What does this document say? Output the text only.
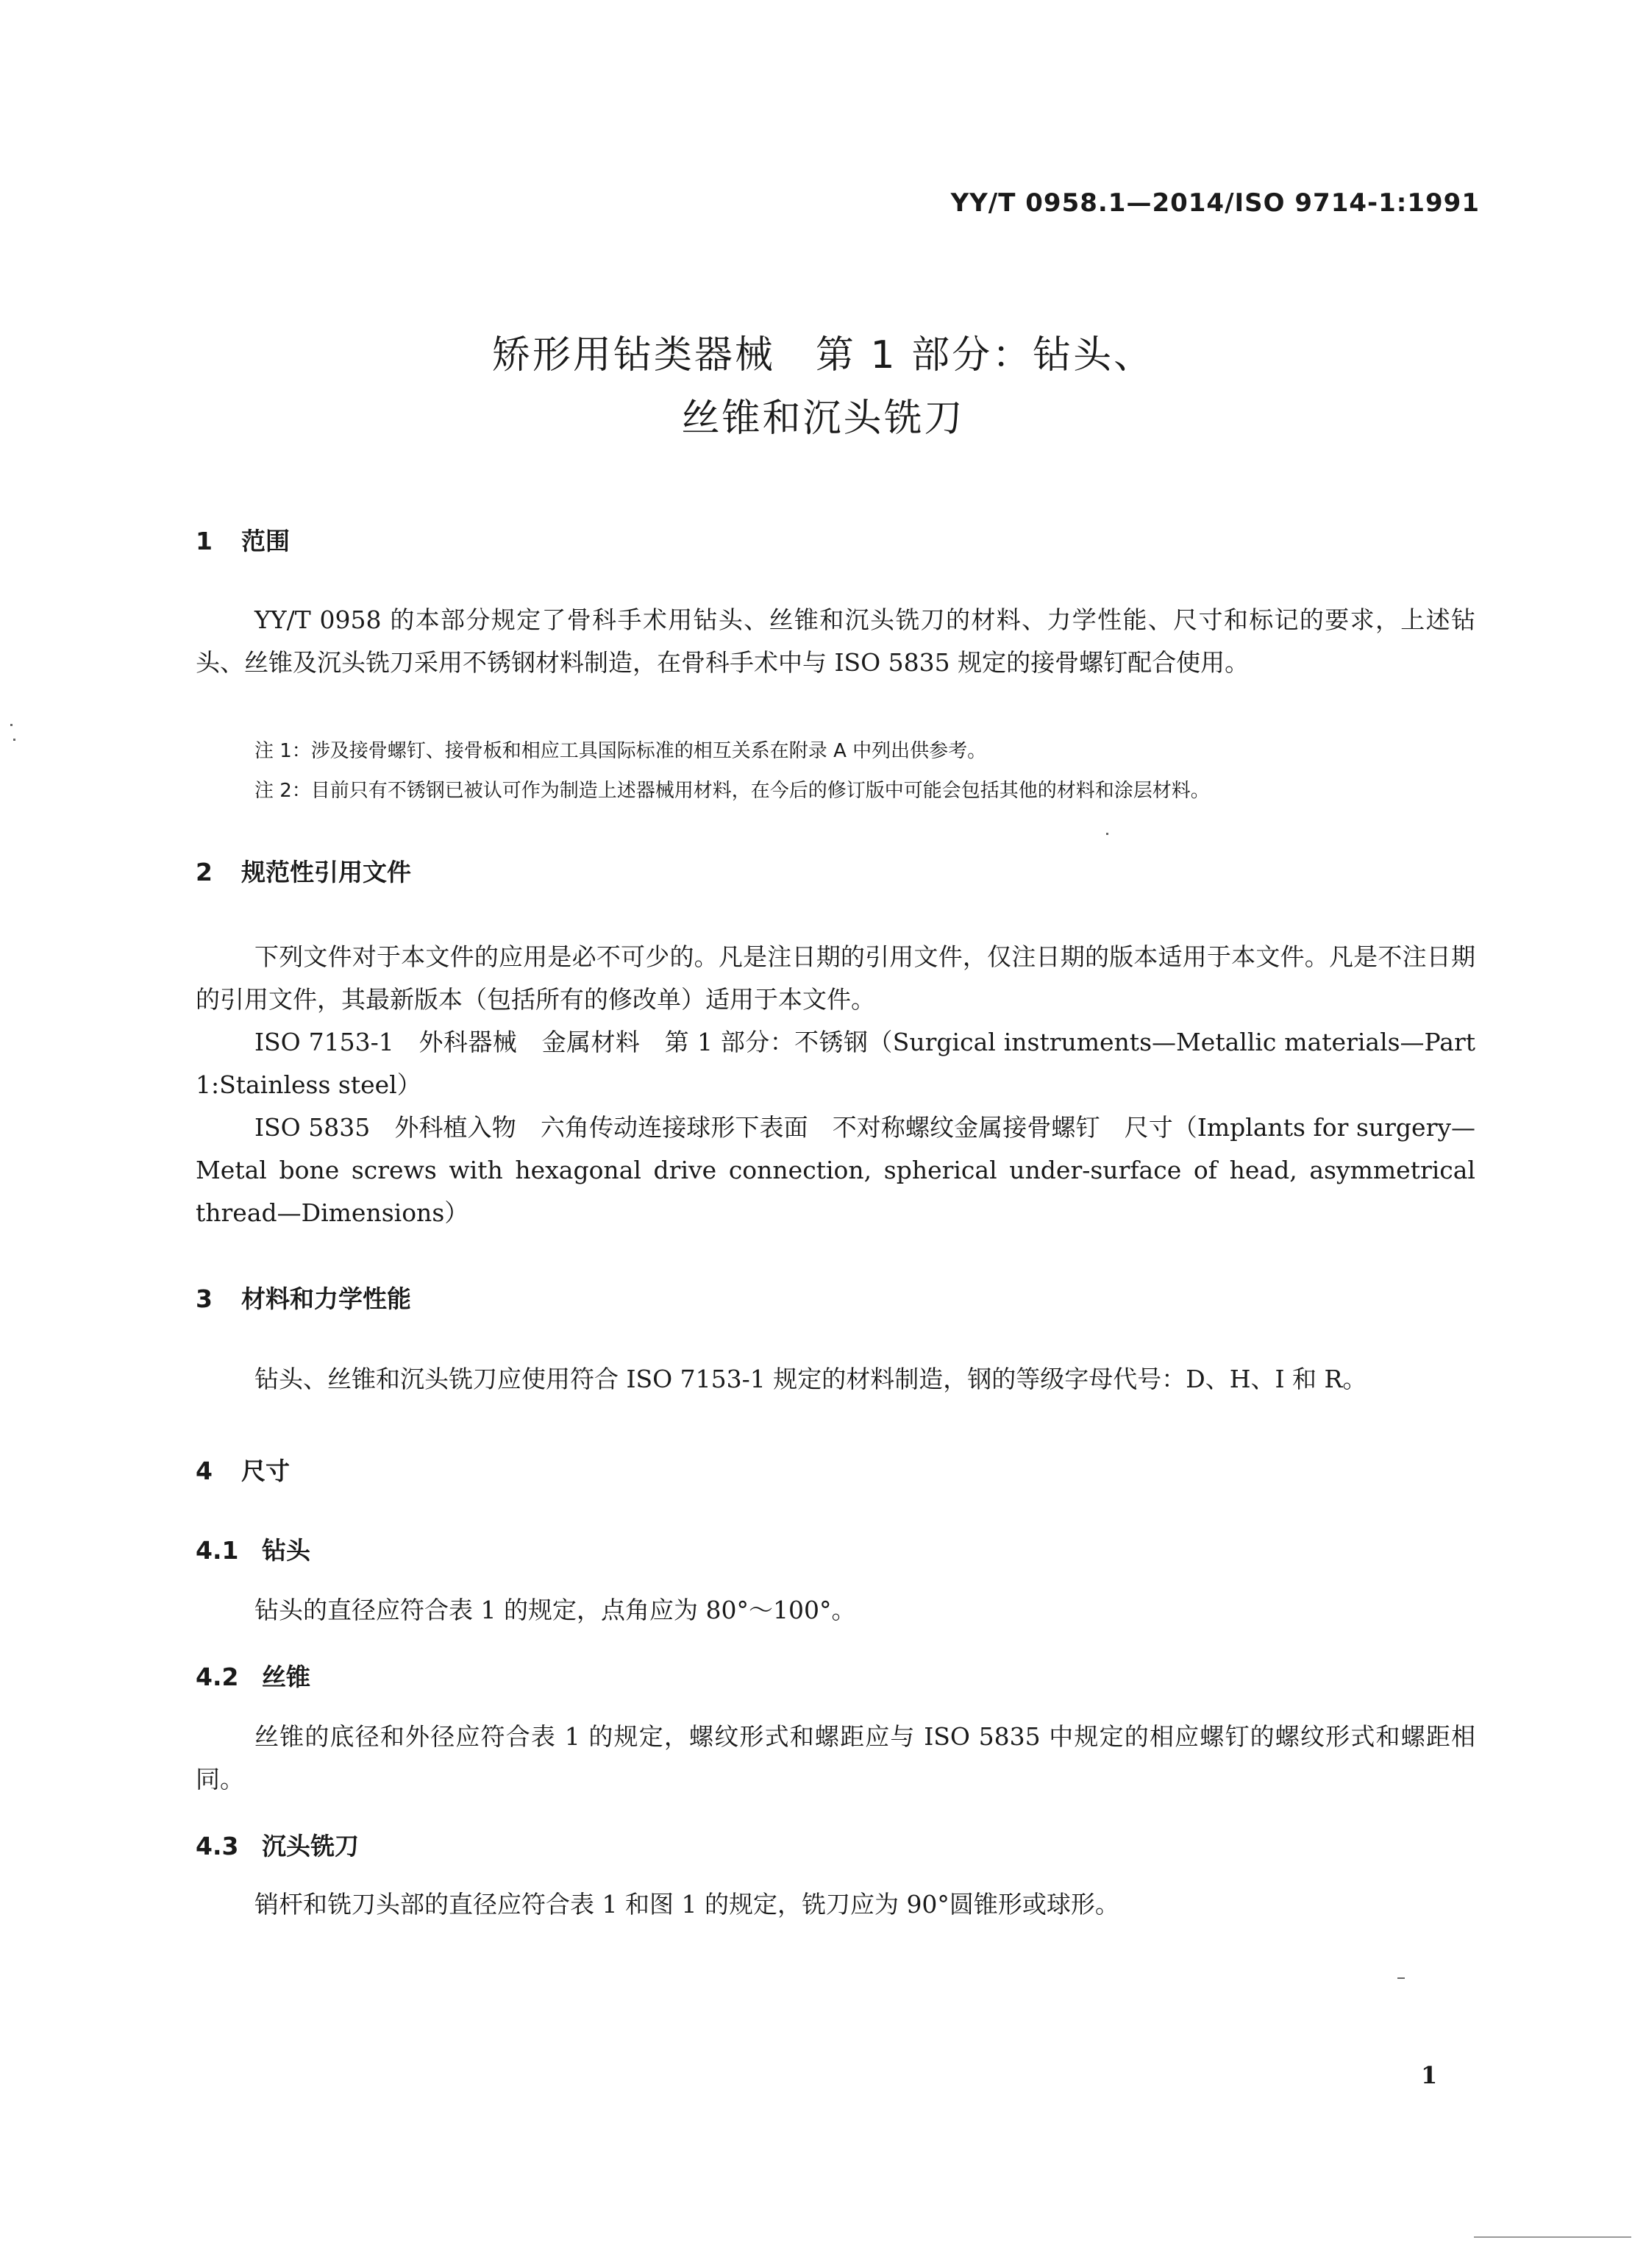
YY/T 0958.1—2014/ISO 9714-1:1991
矫形用钻类器械　第 1 部分：钻头、
丝锥和沉头铣刀
1 范围

YY/T 0958 的本部分规定了骨科手术用钻头、丝锥和沉头铣刀的材料、力学性能、尺寸和标记的要求，上述钻头、丝锥及沉头铣刀采用不锈钢材料制造，在骨科手术中与 ISO 5835 规定的接骨螺钉配合使用。

注 1：涉及接骨螺钉、接骨板和相应工具国际标准的相互关系在附录 A 中列出供参考。
注 2：目前只有不锈钢已被认可作为制造上述器械用材料，在今后的修订版中可能会包括其他的材料和涂层材料。
2 规范性引用文件

下列文件对于本文件的应用是必不可少的。凡是注日期的引用文件，仅注日期的版本适用于本文件。凡是不注日期的引用文件，其最新版本（包括所有的修改单）适用于本文件。

ISO 7153-1　外科器械　金属材料　第 1 部分：不锈钢（Surgical instruments—Metallic materials—Part 1:Stainless steel）

ISO 5835　外科植入物　六角传动连接球形下表面　不对称螺纹金属接骨螺钉　尺寸（Implants for surgery—Metal bone screws with hexagonal drive connection, spherical under-surface of head, asymmetrical thread—Dimensions）

3 材料和力学性能

钻头、丝锥和沉头铣刀应使用符合 ISO 7153-1 规定的材料制造，钢的等级字母代号：D、H、I 和 R。

4 尺寸
4.1 钻头

钻头的直径应符合表 1 的规定，点角应为 80°～100°。

4.2 丝锥

丝锥的底径和外径应符合表 1 的规定，螺纹形式和螺距应与 ISO 5835 中规定的相应螺钉的螺纹形式和螺距相同。

4.3 沉头铣刀

销杆和铣刀头部的直径应符合表 1 和图 1 的规定，铣刀应为 90°圆锥形或球形。

1
